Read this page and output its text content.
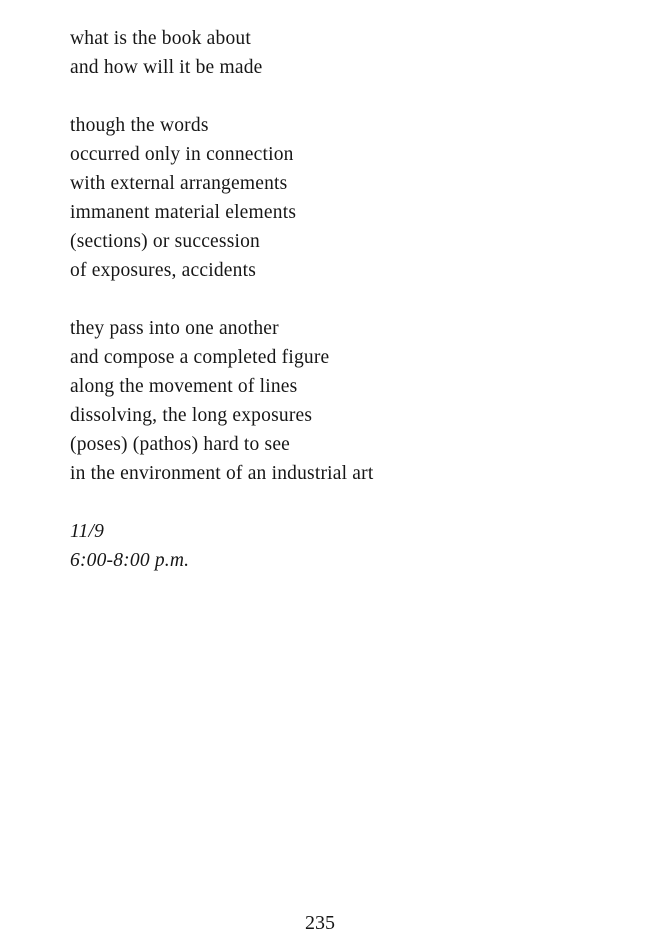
what is the book about

and how will it be made

though the words

occurred only in connection

with external arrangements

immanent material elements

(sections) or succession

of exposures, accidents

they pass into one another

and compose a completed figure

along the movement of lines

dissolving, the long exposures

(poses) (pathos) hard to see

in the environment of an industrial art

11/9

6:00-8:00 p.m.

235
